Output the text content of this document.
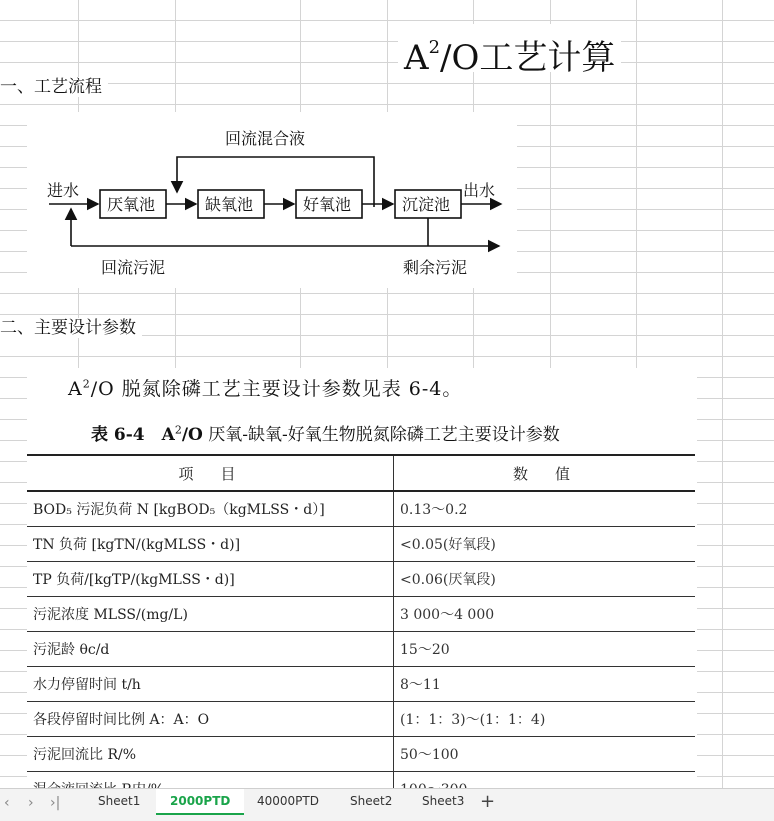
$A^2/O$工艺计算
一、工艺流程
回流混合液
厌氧池	缺氧池	好氧池	沉淀池
进水	出水
回流污泥	剩余污泥
二、主要设计参数
$A^2/O$ 脱氮除磷工艺主要设计参数见表 6-4。
表 6-4　$A^2/O$ 厌氧-缺氧-好氧生物脱氮除磷工艺主要设计参数
项　目	数　值
BOD₅ 污泥负荷 N [kgBOD₅（kgMLSS・d）]	0.13～0.2
TN 负荷 [kgTN/(kgMLSS・d)]	<0.05(好氧段)
TP 负荷/[kgTP/(kgMLSS・d)]	<0.06(厌氧段)
污泥浓度 MLSS/(mg/L)	3 000～4 000
污泥龄 θc/d	15～20
水力停留时间 t/h	8～11
各段停留时间比例 A：A：O	(1：1：3)～(1：1：4)
污泥回流比 R/%	50～100

‹ › ›|	Sheet1	2000PTD	40000PTD	Sheet2	Sheet3 +
